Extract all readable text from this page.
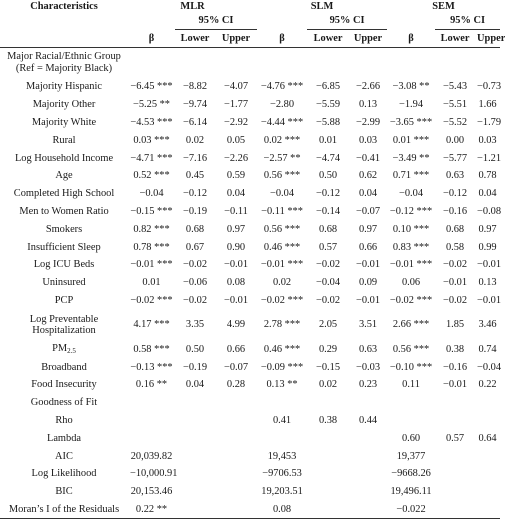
Characteristics	MLR			SLM			SEM		
		95% CI			95% CI			95% CI	
	β	Lower	Upper	β	Lower	Upper	β	Lower	Upper

Major Racial/Ethnic Group
(Ref = Majority Black)									

Majority Hispanic	−6.45 ***	−8.82	−4.07	−4.76 ***	−6.85	−2.66	−3.08 **	−5.43	−0.73
Majority Other	−5.25 **	−9.74	−1.77	−2.80	−5.59	0.13	−1.94	−5.51	1.66
Majority White	−4.53 ***	−6.14	−2.92	−4.44 ***	−5.88	−2.99	−3.65 ***	−5.52	−1.79
Rural	0.03 ***	0.02	0.05	0.02 ***	0.01	0.03	0.01 ***	0.00	0.03
Log Household Income	−4.71 ***	−7.16	−2.26	−2.57 **	−4.74	−0.41	−3.49 **	−5.77	−1.21
Age	0.52 ***	0.45	0.59	0.56 ***	0.50	0.62	0.71 ***	0.63	0.78
Completed High School	−0.04	−0.12	0.04	−0.04	−0.12	0.04	−0.04	−0.12	0.04
Men to Women Ratio	−0.15 ***	−0.19	−0.11	−0.11 ***	−0.14	−0.07	−0.12 ***	−0.16	−0.08
Smokers	0.82 ***	0.68	0.97	0.56 ***	0.68	0.97	0.10 ***	0.68	0.97
Insufficient Sleep	0.78 ***	0.67	0.90	0.46 ***	0.57	0.66	0.83 ***	0.58	0.99
Log ICU Beds	−0.01 ***	−0.02	−0.01	−0.01 ***	−0.02	−0.01	−0.01 ***	−0.02	−0.01
Uninsured	0.01	−0.06	0.08	0.02	−0.04	0.09	0.06	−0.01	0.13
PCP	−0.02 ***	−0.02	−0.01	−0.02 ***	−0.02	−0.01	−0.02 ***	−0.02	−0.01

Log Preventable
Hospitalization	4.17 ***	3.35	4.99	2.78 ***	2.05	3.51	2.66 ***	1.85	3.46
$PM_{2.5}$	0.58 ***	0.50	0.66	0.46 ***	0.29	0.63	0.56 ***	0.38	0.74
Broadband	−0.13 ***	−0.19	−0.07	−0.09 ***	−0.15	−0.03	−0.10 ***	−0.16	−0.04
Food Insecurity	0.16 **	0.04	0.28	0.13 **	0.02	0.23	0.11	−0.01	0.22
Goodness of Fit									
Rho				0.41	0.38	0.44			
Lambda							0.60	0.57	0.64
AIC	20,039.82			19,453			19,377		
Log Likelihood	−10,000.91			−9706.53			−9668.26		
BIC	20,153.46			19,203.51			19,496.11		
Moran’s I of the Residuals	0.22 **			0.08			−0.022		
